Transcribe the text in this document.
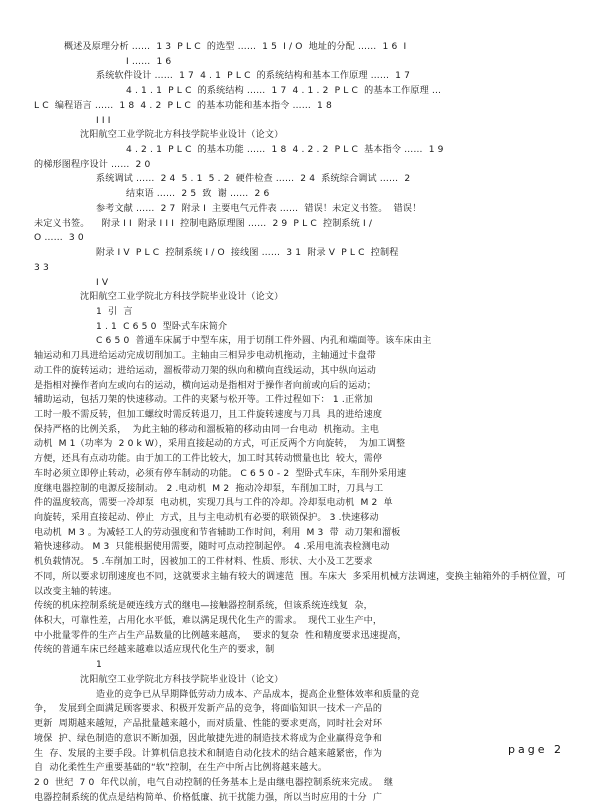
概述及原理分析 ……  1 3  P L C  的选型 ……  1 5  I / O  地址的分配 ……  1 6  I

I ……  1 6

系统软件设计 ……  1 7  4 . 1  P L C  的系统结构和基本工作原理 ……  1 7

4 . 1 . 1  P L C  的系统结构 ……  1 7  4 . 1 . 2  P L C  的基本工作原理 …

L C  编程语言 ……  1 8  4 . 2  P L C  的基本功能和基本指令 ……  1 8

I I I

沈阳航空工业学院北方科技学院毕业设计（论文）

4 . 2 . 1  P L C  的基本功能 ……  1 8  4 . 2 . 2  P L C  基本指令 ……  1 9

的梯形图程序设计 ……  2 0

系统调试 ……  2 4  5 . 1  5 . 2  硬件检查 ……  2 4  系统综合调试 ……  2

结束语 ……  2 5  致  谢 ……  2 6

参考文献 ……  2 7  附录 I  主要电气元件表 ……  错误！未定义书签。  错误！

未定义书签。    附录 I I  附录 I I I  控制电路原理图 ……  2 9  P L C  控制系统 I /

O ……  3 0

附录 I V  P L C  控制系统 I / O  接线图 ……  3 1  附录 V  P L C  控制程

3 3

I V

沈阳航空工业学院北方科技学院毕业设计（论文）

1  引  言

1 . 1  C 6 5 0  型卧式车床简介

C 6 5 0  普通车床属于中型车床，用于切削工件外圆、内孔和端面等。该车床由主

轴运动和刀具进给运动完成切削加工。主轴由三相异步电动机拖动，主轴通过卡盘带

动工件的旋转运动；进给运动，溜板带动刀架的纵向和横向直线运动，其中纵向运动

是指相对操作者向左或向右的运动，横向运动是指相对于操作者向前或向后的运动；

辅助运动，包括刀架的快速移动。工件的夹紧与松开等。工件过程如下： 1 .正常加

工时一般不需反转，但加工螺纹时需反转退刀，且工件旋转速度与刀具  具的进给速度

保持严格的比例关系，  为此主轴的移动和溜板箱的移动由同一台电动  机拖动。主电

动机  M 1（功率为  2 0 k W），采用直接起动的方式，可正反两个方向旋转，  为加工调整

方便，还具有点动功能。由于加工的工件比较大，加工时其转动惯量也比  较大，需停

车时必须立即停止转动，必须有停车制动的功能。 C 6 5 0 - 2  型卧式车床，车削外采用速

度继电器控制的电源反接制动。 2 .电动机  M 2  拖动冷却泵，车削加工时，刀具与工

件的温度较高，需要一冷却泵  电动机，实现刀具与工件的冷却。冷却泵电动机  M 2  单

向旋转，采用直接起动、停止  方式，且与主电动机有必要的联锁保护。 3 .快速移动

电动机  M 3 。为减轻工人的劳动强度和节省辅助工作时间，利用  M 3  带  动刀架和溜板

箱快速移动。 M 3  只能根据使用需要，随时可点动控制起停。 4 .采用电流表检测电动

机负载情况。 5 .车削加工时，因被加工的工件材料、性质、形状、大小及工艺要求

不同，所以要求切削速度也不同，这就要求主轴有较大的调速范  围。车床大  多采用机械方法调速，变换主轴箱外的手柄位置，可以改变主轴的转速。

传统的机床控制系统是硬连线方式的继电—接触器控制系统，但该系统连线复  杂，

体积大，可靠性差，占用化水平低，难以满足现代化生产的需求。  现代工业生产中，

中小批量零件的生产占生产品数量的比例越来越高，  要求的复杂  性和精度要求迅速提高，

传统的普通车床已经越来越难以适应现代化生产的要求，制

1

沈阳航空工业学院北方科技学院毕业设计（论文）

造业的竞争已从早期降低劳动力成本、产品成本，提高企业整体效率和质量的竞

争，  发展到全面满足顾客要求、积极开发新产品的竞争，将面临知识一技术一产品的

更新  周期越来越短，产品批量越来越小，而对质量、性能的要求更高，同时社会对环

境保  护、绿色制造的意识不断加强，因此敏捷先进的制造技术将成为企业赢得竞争和

生  存、发展的主要手段。计算机信息技术和制造自动化技术的结合越来越紧密，作为

自  动化柔性生产重要基础的“软”控制，在生产中所占比例将越来越大。

2 0  世纪  7 0  年代以前，电气自动控制的任务基本上是由继电器控制系统来完成。  继

电器控制系统的优点是结构简单、价格低廉、抗干扰能力强，所以当时应用的十分  广

page 2
